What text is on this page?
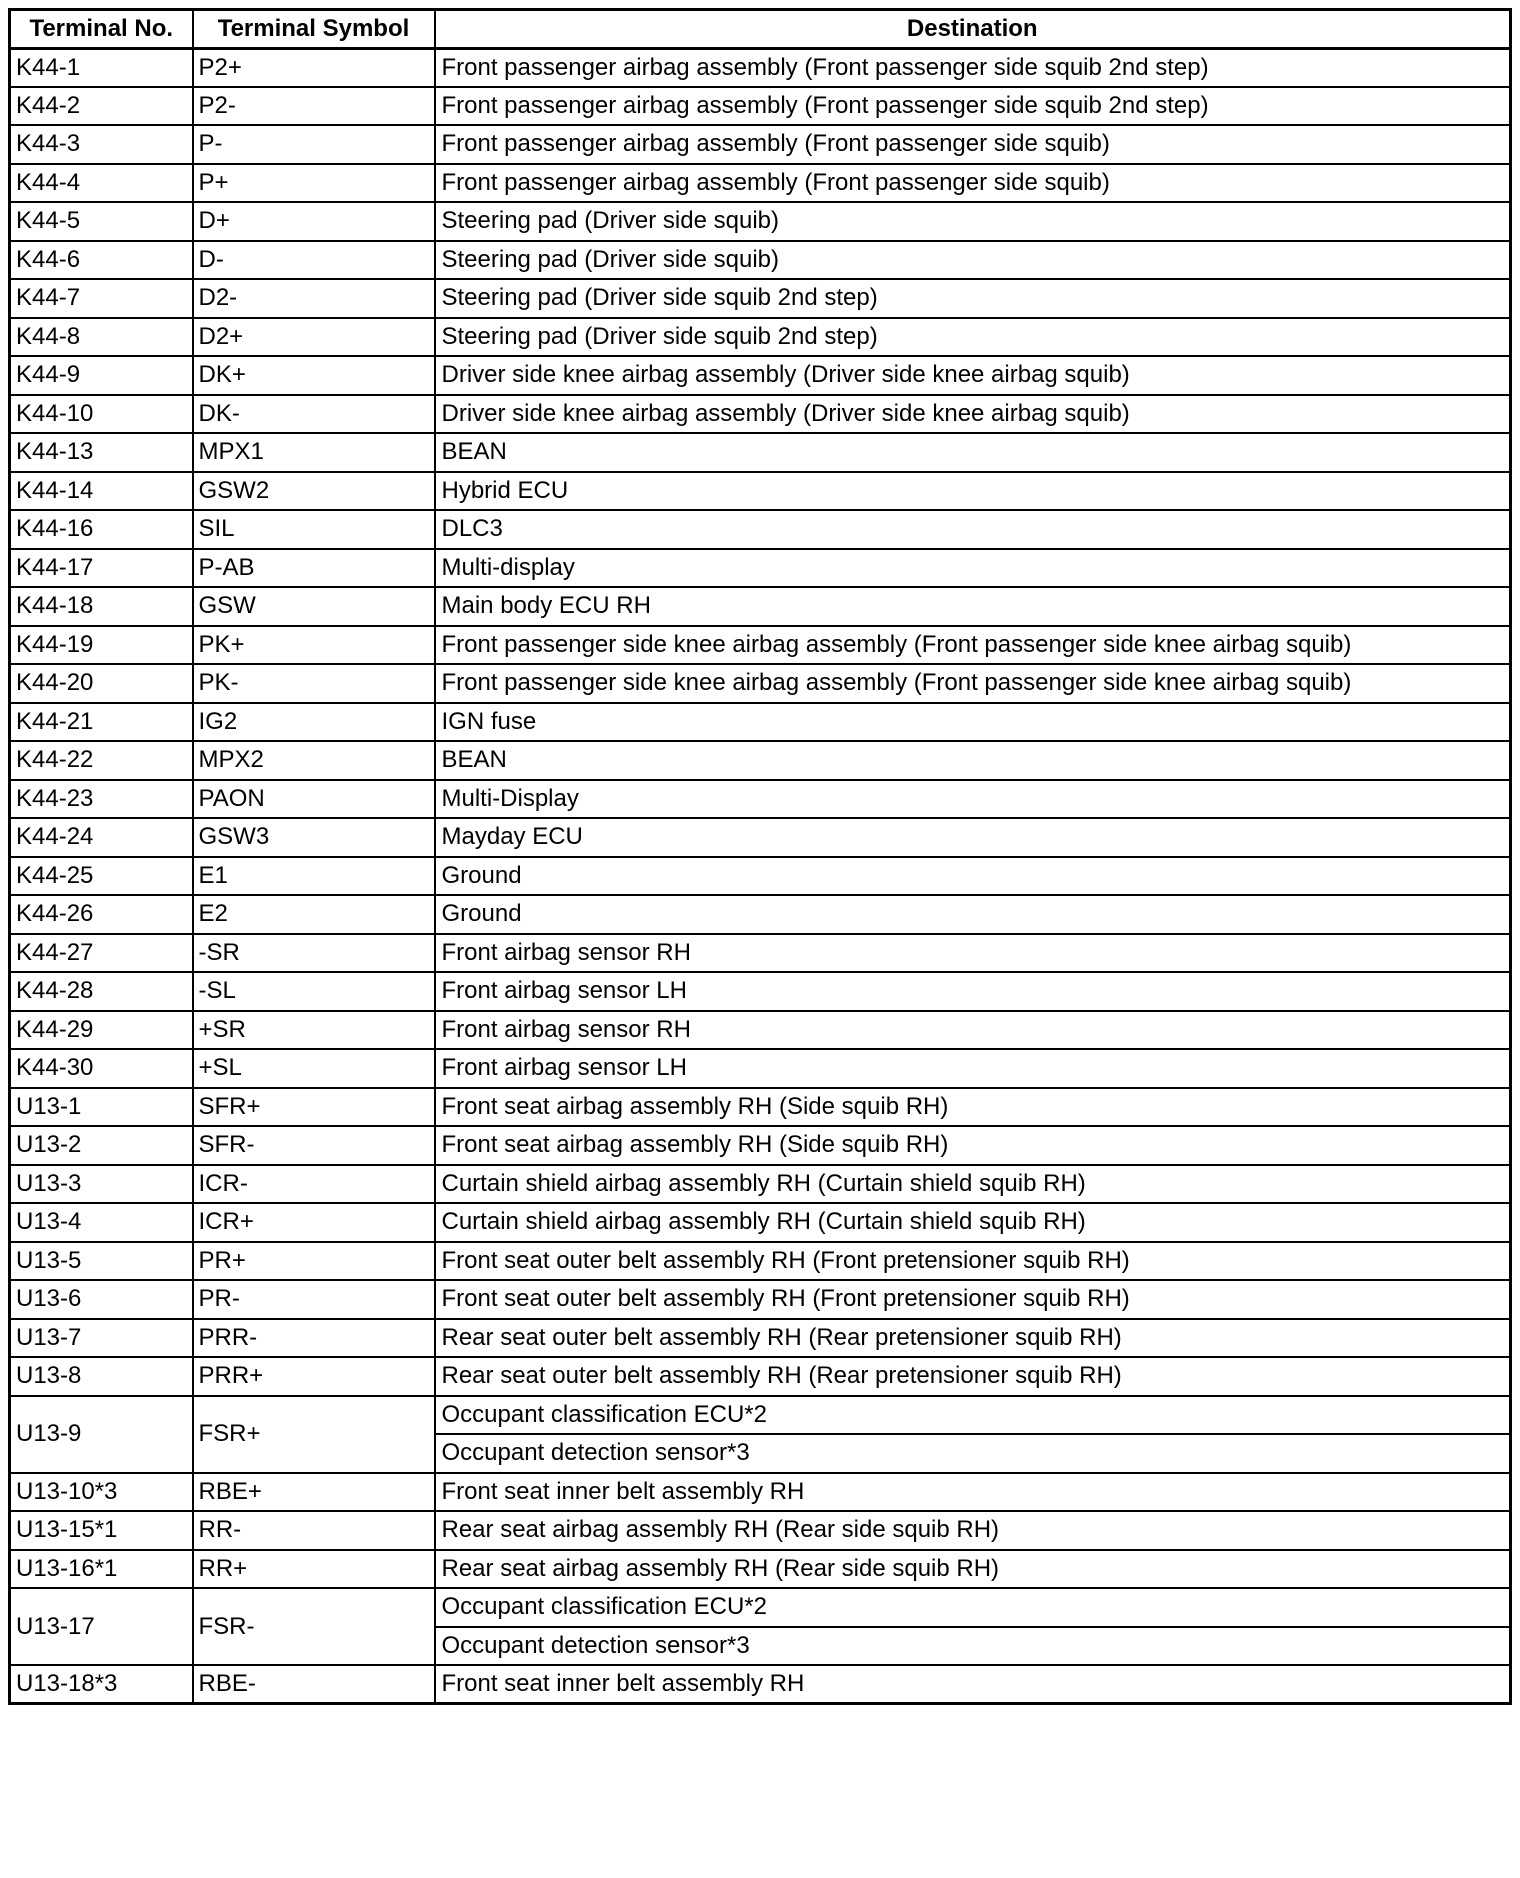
Terminal No.	Terminal Symbol	Destination
K44-1	P2+	Front passenger airbag assembly (Front passenger side squib 2nd step)
K44-2	P2-	Front passenger airbag assembly (Front passenger side squib 2nd step)
K44-3	P-	Front passenger airbag assembly (Front passenger side squib)
K44-4	P+	Front passenger airbag assembly (Front passenger side squib)
K44-5	D+	Steering pad (Driver side squib)
K44-6	D-	Steering pad (Driver side squib)
K44-7	D2-	Steering pad (Driver side squib 2nd step)
K44-8	D2+	Steering pad (Driver side squib 2nd step)
K44-9	DK+	Driver side knee airbag assembly (Driver side knee airbag squib)
K44-10	DK-	Driver side knee airbag assembly (Driver side knee airbag squib)
K44-13	MPX1	BEAN
K44-14	GSW2	Hybrid ECU
K44-16	SIL	DLC3
K44-17	P-AB	Multi-display
K44-18	GSW	Main body ECU RH
K44-19	PK+	Front passenger side knee airbag assembly (Front passenger side knee airbag squib)
K44-20	PK-	Front passenger side knee airbag assembly (Front passenger side knee airbag squib)
K44-21	IG2	IGN fuse
K44-22	MPX2	BEAN
K44-23	PAON	Multi-Display
K44-24	GSW3	Mayday ECU
K44-25	E1	Ground
K44-26	E2	Ground
K44-27	-SR	Front airbag sensor RH
K44-28	-SL	Front airbag sensor LH
K44-29	+SR	Front airbag sensor RH
K44-30	+SL	Front airbag sensor LH
U13-1	SFR+	Front seat airbag assembly RH (Side squib RH)
U13-2	SFR-	Front seat airbag assembly RH (Side squib RH)
U13-3	ICR-	Curtain shield airbag assembly RH (Curtain shield squib RH)
U13-4	ICR+	Curtain shield airbag assembly RH (Curtain shield squib RH)
U13-5	PR+	Front seat outer belt assembly RH (Front pretensioner squib RH)
U13-6	PR-	Front seat outer belt assembly RH (Front pretensioner squib RH)
U13-7	PRR-	Rear seat outer belt assembly RH (Rear pretensioner squib RH)
U13-8	PRR+	Rear seat outer belt assembly RH (Rear pretensioner squib RH)
U13-9	FSR+	Occupant classification ECU*2
		Occupant detection sensor*3
U13-10*3	RBE+	Front seat inner belt assembly RH
U13-15*1	RR-	Rear seat airbag assembly RH (Rear side squib RH)
U13-16*1	RR+	Rear seat airbag assembly RH (Rear side squib RH)
U13-17	FSR-	Occupant classification ECU*2
		Occupant detection sensor*3
U13-18*3	RBE-	Front seat inner belt assembly RH
